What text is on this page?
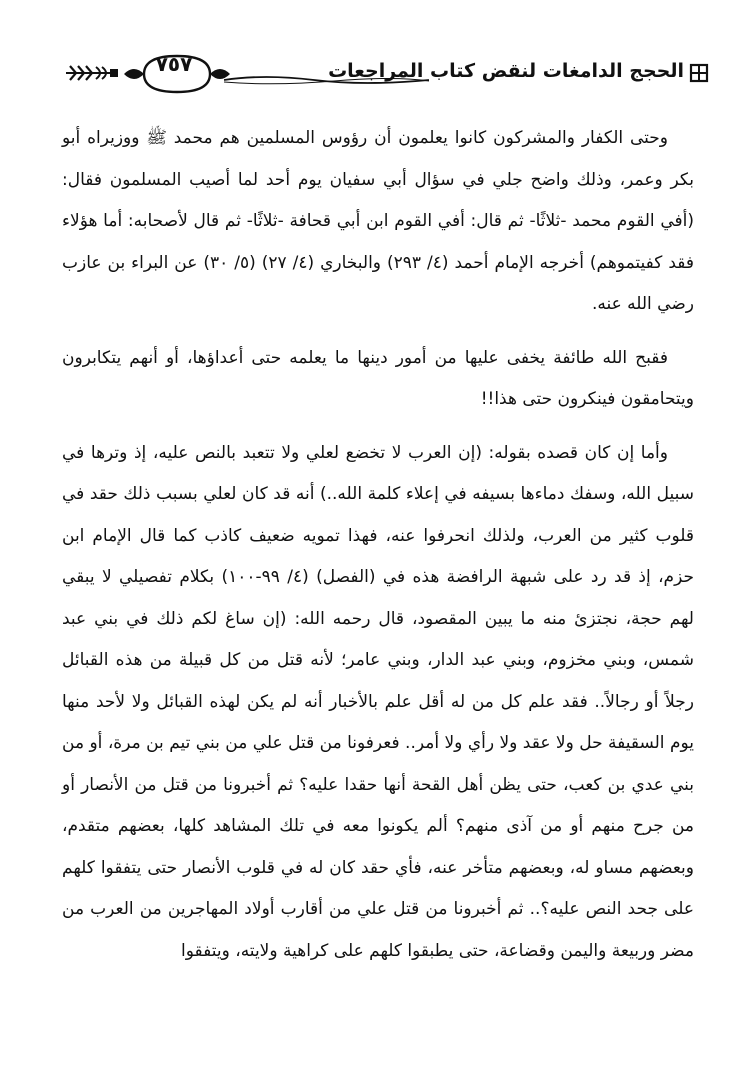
٧٥٧	الحجج الدامغات لنقض كتاب المراجعات

وحتى الكفار والمشركون كانوا يعلمون أن رؤوس المسلمين هم محمد ﷺ ووزيراه أبو بكر وعمر، وذلك واضح جلي في سؤال أبي سفيان يوم أحد لما أصيب المسلمون فقال: (أفي القوم محمد -ثلاثًا- ثم قال: أفي القوم ابن أبي قحافة -ثلاثًا- ثم قال لأصحابه: أما هؤلاء فقد كفيتموهم) أخرجه الإمام أحمد (٤/ ٢٩٣) والبخاري (٤/ ٢٧) (٥/ ٣٠) عن البراء بن عازب رضي الله عنه.

فقبح الله طائفة يخفى عليها من أمور دينها ما يعلمه حتى أعداؤها، أو أنهم يتكابرون ويتحامقون فينكرون حتى هذا!!

وأما إن كان قصده بقوله: (إن العرب لا تخضع لعلي ولا تتعبد بالنص عليه، إذ وترها في سبيل الله، وسفك دماءها بسيفه في إعلاء كلمة الله..) أنه قد كان لعلي بسبب ذلك حقد في قلوب كثير من العرب، ولذلك انحرفوا عنه، فهذا تمويه ضعيف كاذب كما قال الإمام ابن حزم، إذ قد رد على شبهة الرافضة هذه في (الفصل) (٤/ ٩٩-١٠٠) بكلام تفصيلي لا يبقي لهم حجة، نجتزئ منه ما يبين المقصود، قال رحمه الله: (إن ساغ لكم ذلك في بني عبد شمس، وبني مخزوم، وبني عبد الدار، وبني عامر؛ لأنه قتل من كل قبيلة من هذه القبائل رجلاً أو رجالاً.. فقد علم كل من له أقل علم بالأخبار أنه لم يكن لهذه القبائل ولا لأحد منها يوم السقيفة حل ولا عقد ولا رأي ولا أمر.. فعرفونا من قتل علي من بني تيم بن مرة، أو من بني عدي بن كعب، حتى يظن أهل القحة أنها حقدا عليه؟ ثم أخبرونا من قتل من الأنصار أو من جرح منهم أو من آذى منهم؟ ألم يكونوا معه في تلك المشاهد كلها، بعضهم متقدم، وبعضهم مساو له، وبعضهم متأخر عنه، فأي حقد كان له في قلوب الأنصار حتى يتفقوا كلهم على جحد النص عليه؟.. ثم أخبرونا من قتل علي من أقارب أولاد المهاجرين من العرب من مضر وربيعة واليمن وقضاعة، حتى يطبقوا كلهم على كراهية ولايته، ويتفقوا
